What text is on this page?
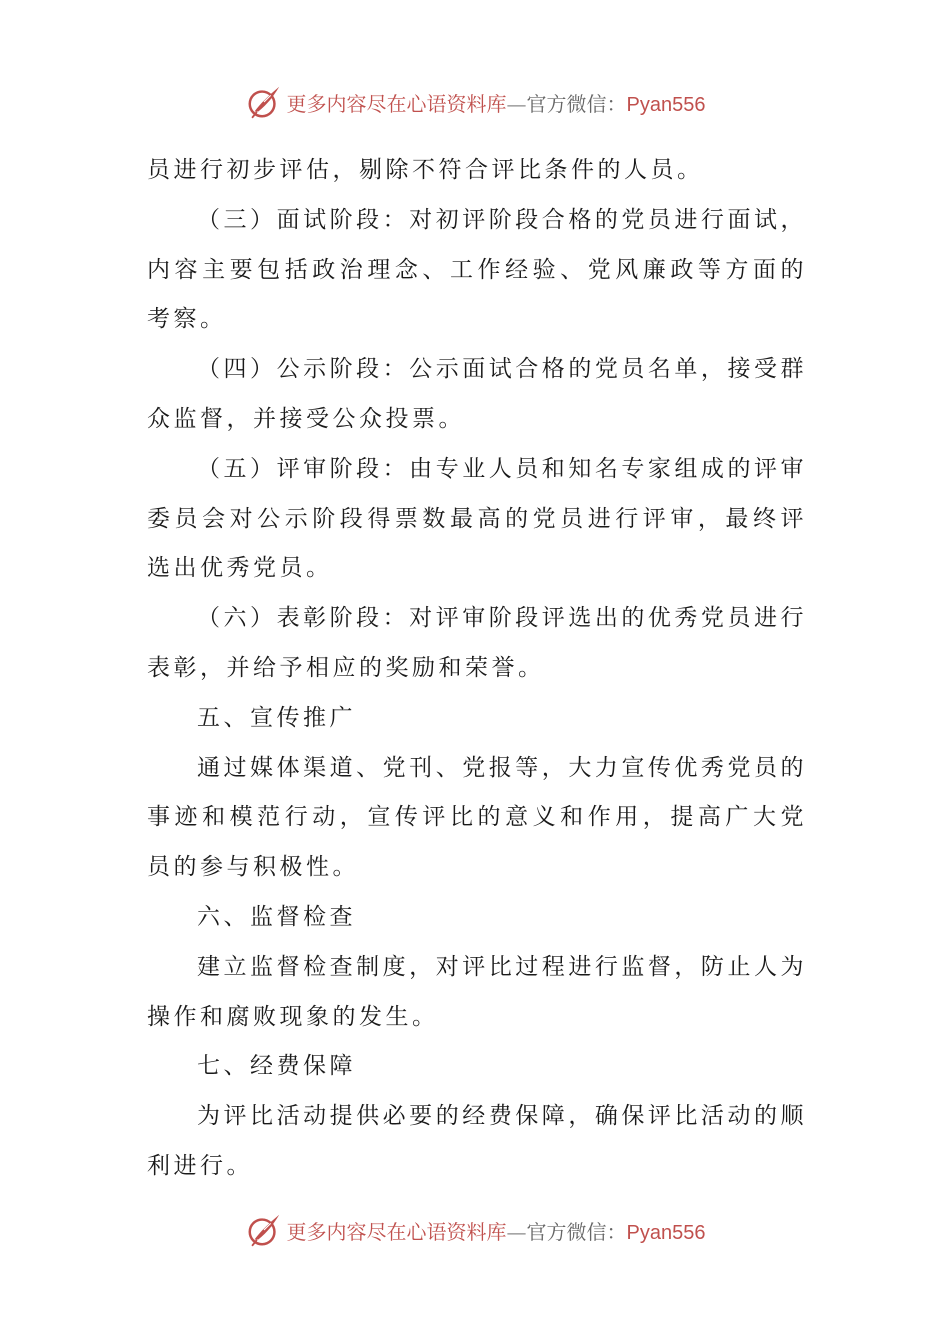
更多内容尽在心语资料库 — 官方微信： Pyan556

员进行初步评估，剔除不符合评比条件的人员。

（三）面试阶段：对初评阶段合格的党员进行面试，内容主要包括政治理念、工作经验、党风廉政等方面的考察。

（四）公示阶段：公示面试合格的党员名单，接受群众监督，并接受公众投票。

（五）评审阶段：由专业人员和知名专家组成的评审委员会对公示阶段得票数最高的党员进行评审，最终评选出优秀党员。

（六）表彰阶段：对评审阶段评选出的优秀党员进行表彰，并给予相应的奖励和荣誉。

五、宣传推广

通过媒体渠道、党刊、党报等，大力宣传优秀党员的事迹和模范行动，宣传评比的意义和作用，提高广大党员的参与积极性。

六、监督检查

建立监督检查制度，对评比过程进行监督，防止人为操作和腐败现象的发生。

七、经费保障

为评比活动提供必要的经费保障，确保评比活动的顺利进行。

更多内容尽在心语资料库 — 官方微信： Pyan556
